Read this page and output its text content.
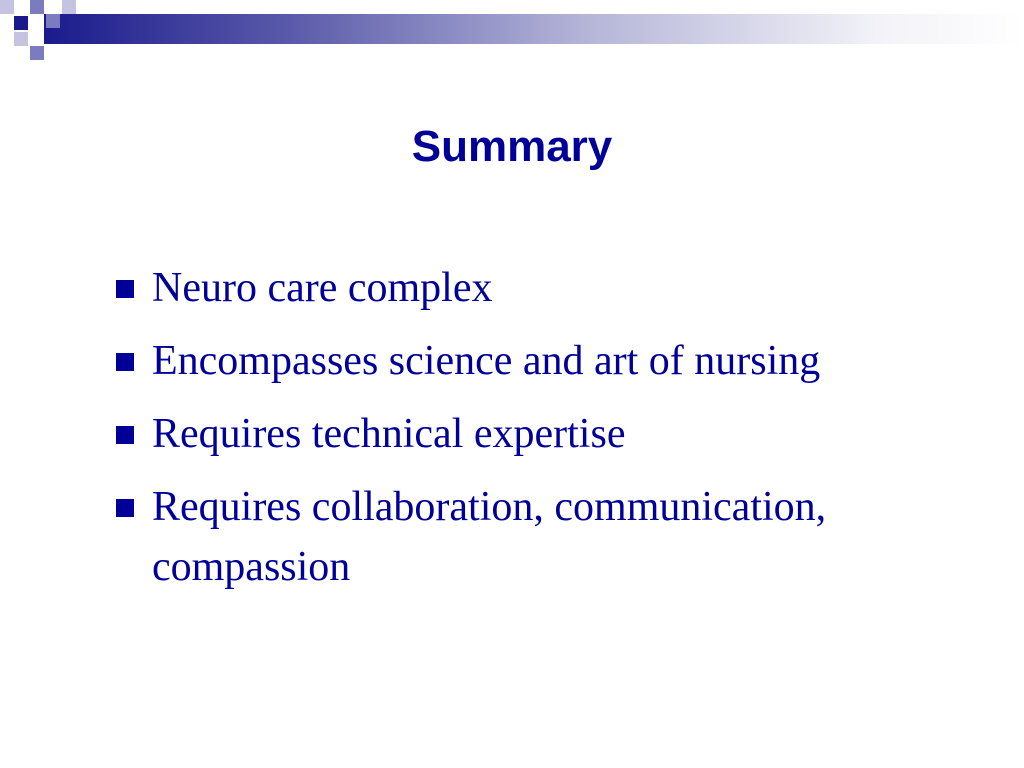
Summary
Neuro care complex
Encompasses science and art of nursing
Requires technical expertise
Requires collaboration, communication, compassion
